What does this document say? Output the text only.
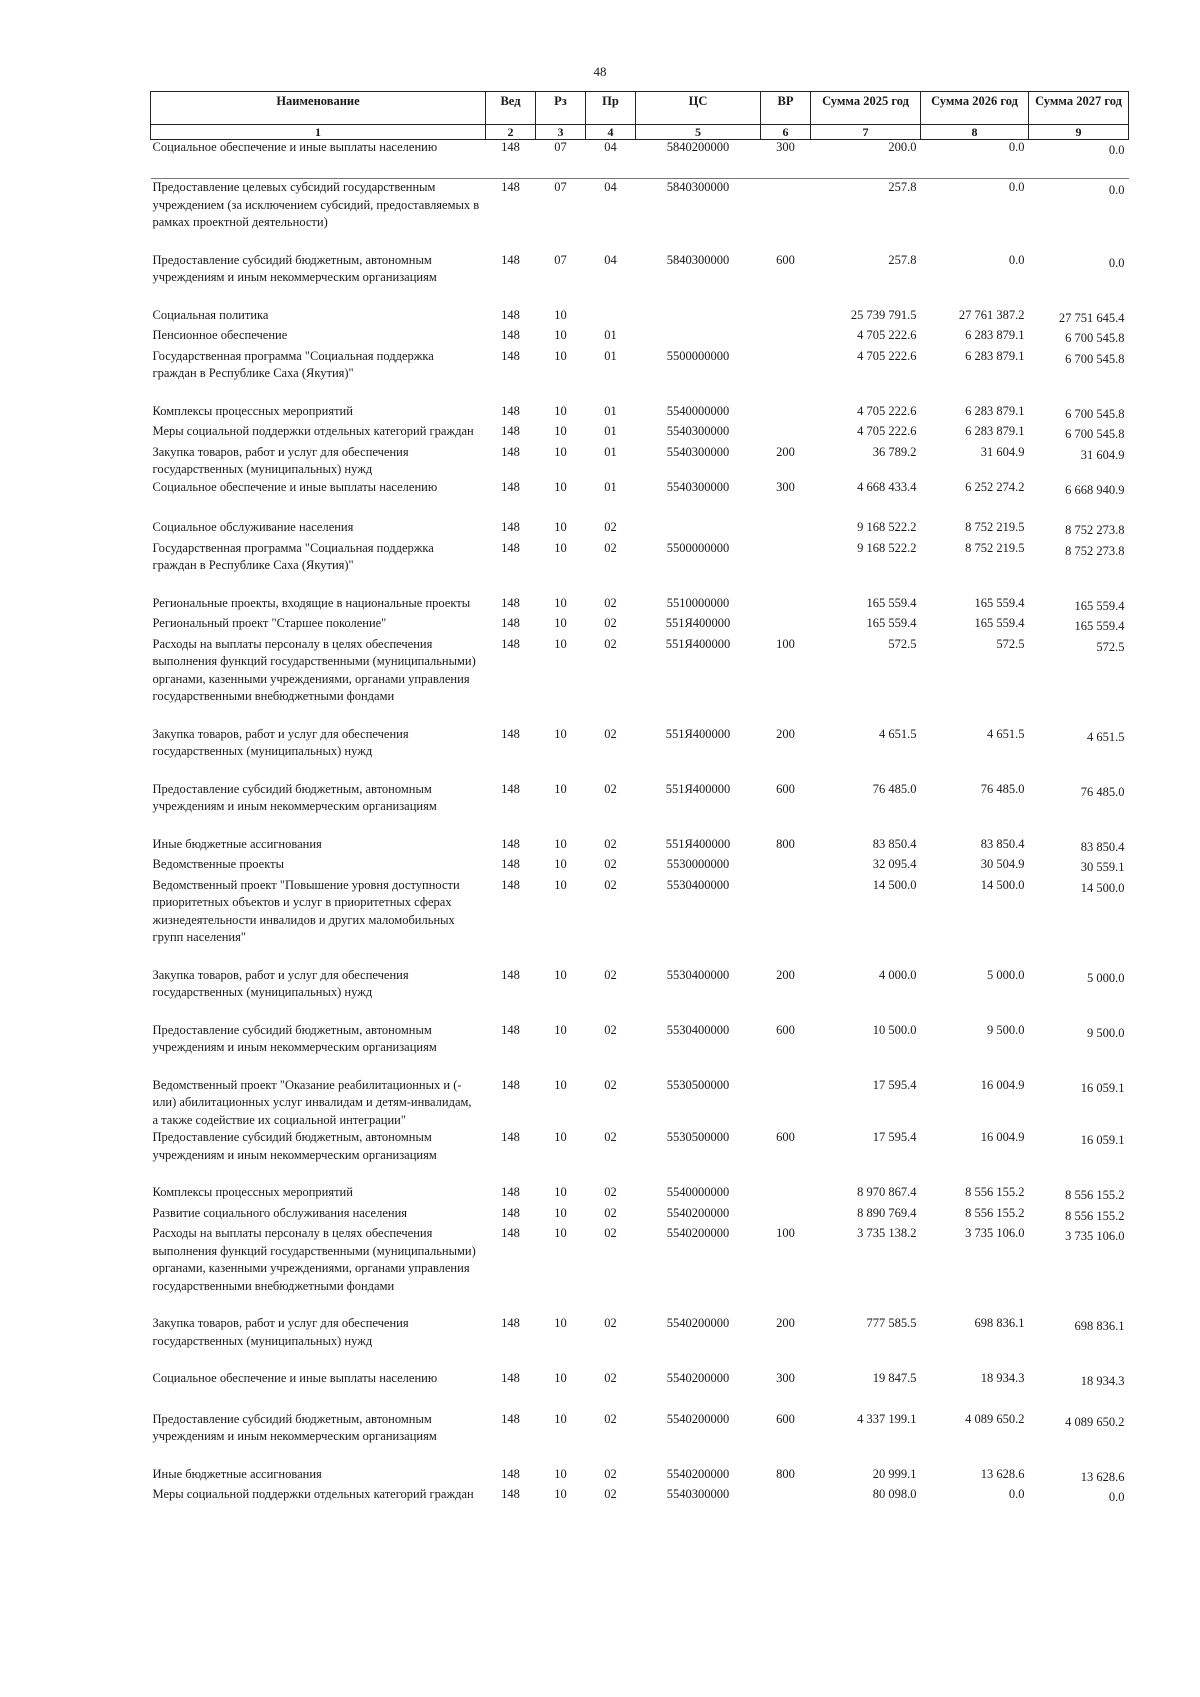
48
Наименование	Вед	Рз	Пр	ЦС	ВР	Сумма 2025 год	Сумма 2026 год	Сумма 2027 год
1	2	3	4	5	6	7	8	9
Социальное обеспечение и иные выплаты населению	148	07	04	5840200000	300	200.0	0.0	0.0
Предоставление целевых субсидий государственным учреждением (за исключением субсидий, предоставляемых в рамках проектной деятельности)	148	07	04	5840300000		257.8	0.0	0.0
Предоставление субсидий бюджетным, автономным учреждениям и иным некоммерческим организациям	148	07	04	5840300000	600	257.8	0.0	0.0
Социальная политика	148	10				25 739 791.5	27 761 387.2	27 751 645.4
Пенсионное обеспечение	148	10	01			4 705 222.6	6 283 879.1	6 700 545.8
Государственная программа "Социальная поддержка граждан в Республике Саха (Якутия)"	148	10	01	5500000000		4 705 222.6	6 283 879.1	6 700 545.8
Комплексы процессных мероприятий	148	10	01	5540000000		4 705 222.6	6 283 879.1	6 700 545.8
Меры социальной поддержки отдельных категорий граждан	148	10	01	5540300000		4 705 222.6	6 283 879.1	6 700 545.8
Закупка товаров, работ и услуг для обеспечения государственных (муниципальных) нужд	148	10	01	5540300000	200	36 789.2	31 604.9	31 604.9
Социальное обеспечение и иные выплаты населению	148	10	01	5540300000	300	4 668 433.4	6 252 274.2	6 668 940.9
Социальное обслуживание населения	148	10	02			9 168 522.2	8 752 219.5	8 752 273.8
Государственная программа "Социальная поддержка граждан в Республике Саха (Якутия)"	148	10	02	5500000000		9 168 522.2	8 752 219.5	8 752 273.8
Региональные проекты, входящие в национальные проекты	148	10	02	5510000000		165 559.4	165 559.4	165 559.4
Региональный проект "Старшее поколение"	148	10	02	551Я400000		165 559.4	165 559.4	165 559.4
Расходы на выплаты персоналу в целях обеспечения выполнения функций государственными (муниципальными) органами, казенными учреждениями, органами управления государственными внебюджетными фондами	148	10	02	551Я400000	100	572.5	572.5	572.5
Закупка товаров, работ и услуг для обеспечения государственных (муниципальных) нужд	148	10	02	551Я400000	200	4 651.5	4 651.5	4 651.5
Предоставление субсидий бюджетным, автономным учреждениям и иным некоммерческим организациям	148	10	02	551Я400000	600	76 485.0	76 485.0	76 485.0
Иные бюджетные ассигнования	148	10	02	551Я400000	800	83 850.4	83 850.4	83 850.4
Ведомственные проекты	148	10	02	5530000000		32 095.4	30 504.9	30 559.1
Ведомственный проект "Повышение уровня доступности приоритетных объектов и услуг в приоритетных сферах жизнедеятельности инвалидов и других маломобильных групп населения"	148	10	02	5530400000		14 500.0	14 500.0	14 500.0
Закупка товаров, работ и услуг для обеспечения государственных (муниципальных) нужд	148	10	02	5530400000	200	4 000.0	5 000.0	5 000.0
Предоставление субсидий бюджетным, автономным учреждениям и иным некоммерческим организациям	148	10	02	5530400000	600	10 500.0	9 500.0	9 500.0
Ведомственный проект "Оказание реабилитационных и (-или) абилитационных услуг инвалидам и детям-инвалидам, а также содействие их социальной интеграции"	148	10	02	5530500000		17 595.4	16 004.9	16 059.1
Предоставление субсидий бюджетным, автономным учреждениям и иным некоммерческим организациям	148	10	02	5530500000	600	17 595.4	16 004.9	16 059.1
Комплексы процессных мероприятий	148	10	02	5540000000		8 970 867.4	8 556 155.2	8 556 155.2
Развитие социального обслуживания населения	148	10	02	5540200000		8 890 769.4	8 556 155.2	8 556 155.2
Расходы на выплаты персоналу в целях обеспечения выполнения функций государственными (муниципальными) органами, казенными учреждениями, органами управления государственными внебюджетными фондами	148	10	02	5540200000	100	3 735 138.2	3 735 106.0	3 735 106.0
Закупка товаров, работ и услуг для обеспечения государственных (муниципальных) нужд	148	10	02	5540200000	200	777 585.5	698 836.1	698 836.1
Социальное обеспечение и иные выплаты населению	148	10	02	5540200000	300	19 847.5	18 934.3	18 934.3
Предоставление субсидий бюджетным, автономным учреждениям и иным некоммерческим организациям	148	10	02	5540200000	600	4 337 199.1	4 089 650.2	4 089 650.2
Иные бюджетные ассигнования	148	10	02	5540200000	800	20 999.1	13 628.6	13 628.6
Меры социальной поддержки отдельных категорий граждан	148	10	02	5540300000		80 098.0	0.0	0.0
